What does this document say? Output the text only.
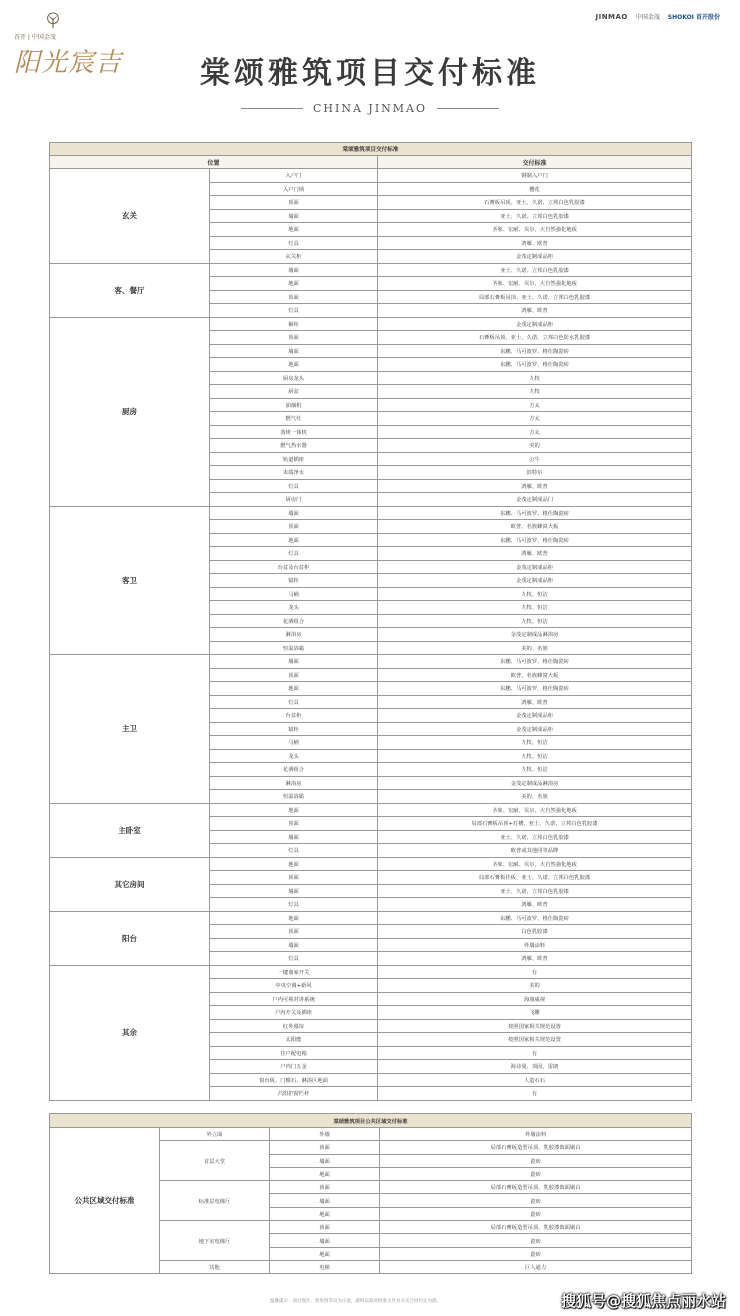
首开 | 中国金茂
阳光宸吉
JINMAO 中国金茂 SHOKOI 首开股份
棠颂雅筑项目交付标准
CHINA JINMAO
棠颂雅筑项目交付标准		
位置		交付标准
玄关	入户门	钢制入户门
	入户门锁	樱花
	顶面	石膏板吊顶、亚士、久诺、立邦白色乳胶漆
	墙面	亚士、久诺、立邦白色乳胶漆
	地面	圣象、宏耐、贝尔、大自然强化地板
	灯具	鸿雁、欧普
	玄关柜	金茂定制成品柜
客、餐厅	墙面	亚士、久诺、立邦白色乳胶漆
	地面	圣象、宏耐、贝尔、大自然强化地板
	顶面	局部石膏板吊顶、亚士、久诺、立邦白色乳胶漆
	灯具	鸿雁、欧普
厨房	橱柜	金茂定制成品柜
	顶面	石膏板吊顶、亚士、久诺、立邦白色防水乳胶漆
	墙面	东鹏、马可波罗、格仕陶瓷砖
	地面	东鹏、马可波罗、格仕陶瓷砖
	厨房龙头	九牧
	厨盆	九牧
	油烟机	方太
	燃气灶	方太
	蒸烤一体机	方太
	燃气热水器	美的
	轨道插座	公牛
	末端净水	滨特尔
	灯具	鸿雁、欧普
	厨房门	金茂定制成品门
客卫	墙面	东鹏、马可波罗、格仕陶瓷砖
	顶面	欧普、名族蜂窝大板
	地面	东鹏、马可波罗、格仕陶瓷砖
	灯具	鸿雁、欧普
	台盆及台盆柜	金茂定制成品柜
	镜柜	金茂定制成品柜
	马桶	九牧、恒洁
	龙头	九牧、恒洁
	花洒组合	九牧、恒洁
	淋浴房	金茂定制成品淋浴房
	恒温浴霸	美的、名族
主卫	墙面	东鹏、马可波罗、格仕陶瓷砖
	顶面	欧普、名族蜂窝大板
	地面	东鹏、马可波罗、格仕陶瓷砖
	灯具	鸿雁、欧普
	台盆柜	金茂定制成品柜
	镜柜	金茂定制成品柜
	马桶	九牧、恒洁
	龙头	九牧、恒洁
	花洒组合	九牧、恒洁
	淋浴房	金茂定制成品淋浴房
	恒温浴霸	美的、名族
主卧室	地面	圣象、宏耐、贝尔、大自然强化地板
	顶面	局部石膏板吊顶+灯槽、亚士、久诺、立邦白色乳胶漆
	墙面	亚士、久诺、立邦白色乳胶漆
	灯具	欧普或其他同等品牌
其它房间	地面	圣象、宏耐、贝尔、大自然强化地板
	顶面	局部石膏板挂板、亚士、久诺、立邦白色乳胶漆
	墙面	亚士、久诺、立邦白色乳胶漆
	灯具	鸿雁、欧普
阳台	地面	东鹏、马可波罗、格仕陶瓷砖
	顶面	白色乳胶漆
	墙面	外墙涂料
	灯具	鸿雁、欧普
其余	一键离家开关	有
	中央空调+新风	美的
	户内可视对讲系统	海康威视
	户内开关及插座	飞雕
	红外幕帘	按照国家相关规范设置
	太阳能	按照国家相关规范设置
	住户配电箱	有
	户内门五金	海诗曼、顶固、雷朗
	窗台板、门槛石、淋浴区地面	人造石石
	凸窗护窗栏杆	有
棠颂雅筑项目公共区域交付标准			
公共区域交付标准	外立面	外墙	外墙涂料
	首层大堂	顶面	局部石膏板造型吊顶、乳胶漆饰面刷白
		墙面	瓷砖
		地面	瓷砖
	标准层电梯厅	顶面	局部石膏板造型吊顶、乳胶漆饰面刷白
		墙面	瓷砖
		地面	瓷砖
	地下室电梯厅	顶面	局部石膏板造型吊顶、乳胶漆饰面刷白
		墙面	瓷砖
		地面	瓷砖
	其他	电梯	巨人通力
温馨提示：项目图片、效果图等仅为示意，最终以政府批准文件及买卖合同约定为准。	搜狐号@搜狐焦点丽水站
